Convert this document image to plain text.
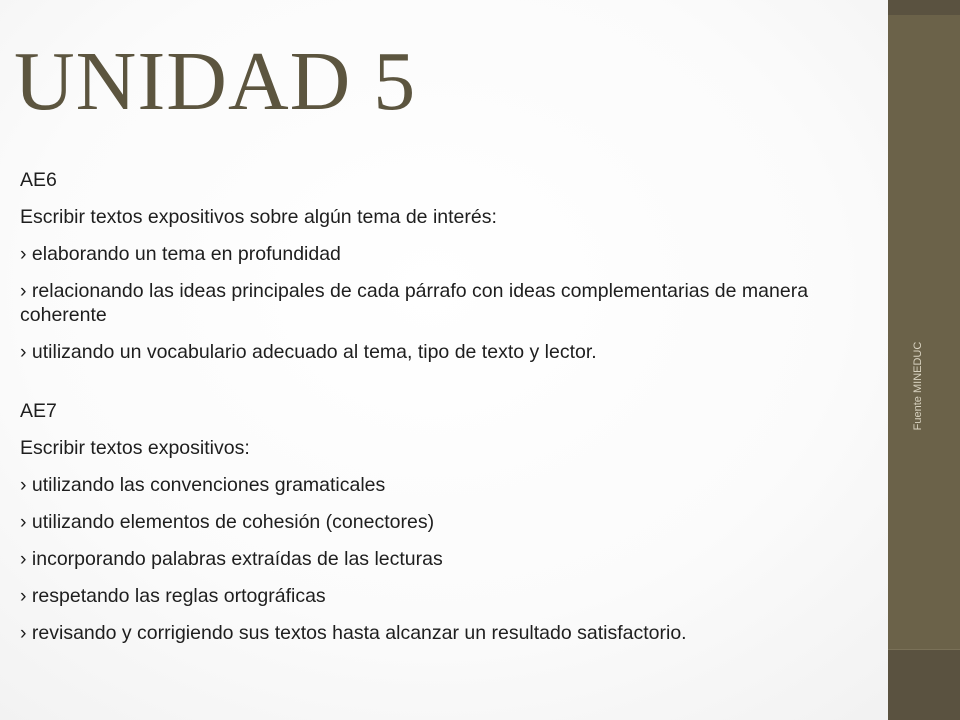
Fuente MINEDUC
UNIDAD 5

AE6

Escribir textos expositivos sobre algún tema de interés:

› elaborando un tema en profundidad

› relacionando las ideas principales de cada párrafo con ideas complementarias de manera coherente

› utilizando un vocabulario adecuado al tema, tipo de texto y lector.

AE7

Escribir textos expositivos:

› utilizando las convenciones gramaticales

› utilizando elementos de cohesión (conectores)

› incorporando palabras extraídas de las lecturas

› respetando las reglas ortográficas

› revisando y corrigiendo sus textos hasta alcanzar un resultado satisfactorio.
